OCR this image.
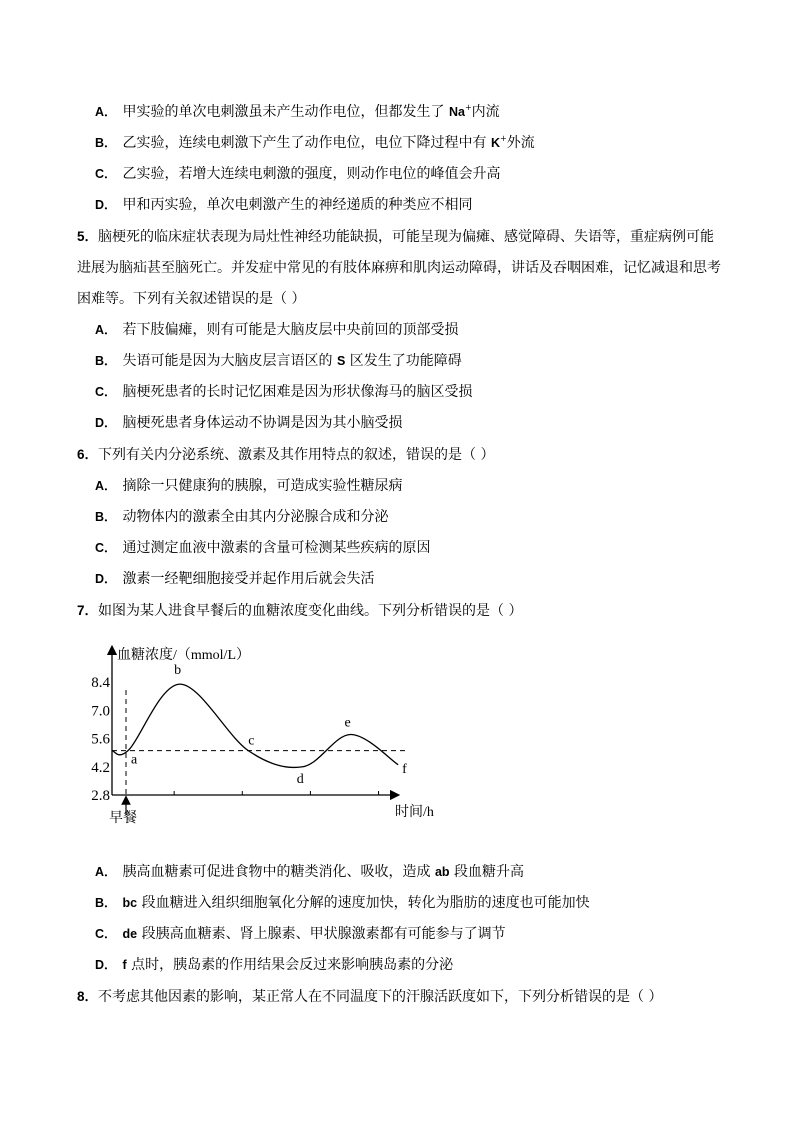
A． 甲实验的单次电刺激虽未产生动作电位，但都发生了 Na+内流
B． 乙实验，连续电刺激下产生了动作电位，电位下降过程中有 K+外流
C． 乙实验，若增大连续电刺激的强度，则动作电位的峰值会升高
D． 甲和丙实验，单次电刺激产生的神经递质的种类应不相同
5．脑梗死的临床症状表现为局灶性神经功能缺损，可能呈现为偏瘫、感觉障碍、失语等，重症病例可能
进展为脑疝甚至脑死亡。并发症中常见的有肢体麻痹和肌肉运动障碍，讲话及吞咽困难，记忆减退和思考
困难等。下列有关叙述错误的是（ ）
A． 若下肢偏瘫，则有可能是大脑皮层中央前回的顶部受损
B． 失语可能是因为大脑皮层言语区的 S 区发生了功能障碍
C． 脑梗死患者的长时记忆困难是因为形状像海马的脑区受损
D． 脑梗死患者身体运动不协调是因为其小脑受损
6．下列有关内分泌系统、激素及其作用特点的叙述，错误的是（ ）
A． 摘除一只健康狗的胰腺，可造成实验性糖尿病
B． 动物体内的激素全由其内分泌腺合成和分泌
C． 通过测定血液中激素的含量可检测某些疾病的原因
D． 激素一经靶细胞接受并起作用后就会失活
7．如图为某人进食早餐后的血糖浓度变化曲线。下列分析错误的是（ ）
血糖浓度/（mmol/L）
时间/h
8.4
7.0
5.6
4.2
2.8
早餐
a
b
c
d
e
f
A． 胰高血糖素可促进食物中的糖类消化、吸收，造成 ab 段血糖升高
B． bc 段血糖进入组织细胞氧化分解的速度加快，转化为脂肪的速度也可能加快
C． de 段胰高血糖素、肾上腺素、甲状腺激素都有可能参与了调节
D． f 点时，胰岛素的作用结果会反过来影响胰岛素的分泌
8．不考虑其他因素的影响，某正常人在不同温度下的汗腺活跃度如下，下列分析错误的是（ ）
